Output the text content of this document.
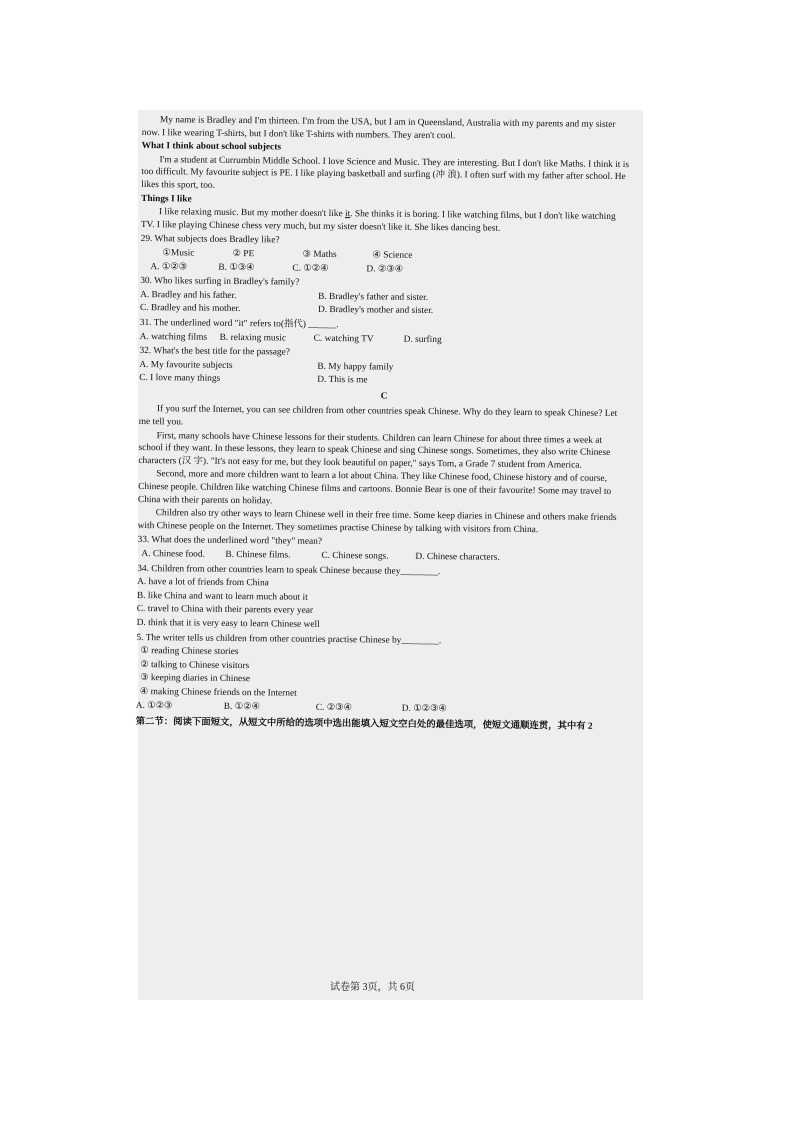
My name is Bradley and I'm thirteen. I'm from the USA, but I am in Queensland, Australia with my parents and my sister now. I like wearing T-shirts, but I don't like T-shirts with numbers. They aren't cool.

What I think about school subjects

I'm a student at Currumbin Middle School. I love Science and Music. They are interesting. But I don't like Maths. I think it is too difficult. My favourite subject is PE. I like playing basketball and surfing (冲 浪). I often surf with my father after school. He likes this sport, too.

Things I like

I like relaxing music. But my mother doesn't like it. She thinks it is boring. I like watching films, but I don't like watching TV. I like playing Chinese chess very much, but my sister doesn't like it. She likes dancing best.

29. What subjects does Bradley like?

①Music	② PE	③ Maths	④ Science
A. ①②③	B. ①③④	C. ①②④	D. ②③④

30. Who likes surfing in Bradley's family?

A. Bradley and his father.	B. Bradley's father and sister.
C. Bradley and his mother.	D. Bradley's mother and sister.

31. The underlined word "it" refers to(指代) ______.

A. watching films	B. relaxing music	C. watching TV	D. surfing

32. What's the best title for the passage?

A. My favourite subjects	B. My happy family
C. I love many things	D. This is me

C

If you surf the Internet, you can see children from other countries speak Chinese. Why do they learn to speak Chinese? Let me tell you.

First, many schools have Chinese lessons for their students. Children can learn Chinese for about three times a week at school if they want. In these lessons, they learn to speak Chinese and sing Chinese songs. Sometimes, they also write Chinese characters (汉 字). "It's not easy for me, but they look beautiful on paper," says Tom, a Grade 7 student from America.

Second, more and more children want to learn a lot about China. They like Chinese food, Chinese history and of course, Chinese people. Children like watching Chinese films and cartoons. Bonnie Bear is one of their favourite! Some may travel to China with their parents on holiday.

Children also try other ways to learn Chinese well in their free time. Some keep diaries in Chinese and others make friends with Chinese people on the Internet. They sometimes practise Chinese by talking with visitors from China.

33. What does the underlined word "they" mean?

A. Chinese food.	B. Chinese films.	C. Chinese songs.	D. Chinese characters.

34. Children from other countries learn to speak Chinese because they________.

A. have a lot of friends from China

B. like China and want to learn much about it

C. travel to China with their parents every year

D. think that it is very easy to learn Chinese well

5. The writer tells us children from other countries practise Chinese by________.

① reading Chinese stories

② talking to Chinese visitors

③ keeping diaries in Chinese

④ making Chinese friends on the Internet

A. ①②③	B. ①②④	C. ②③④	D. ①②③④

第二节：阅读下面短文，从短文中所给的选项中选出能填入短文空白处的最佳选项，使短文通顺连贯，其中有 2

试卷第 3页，共 6页
